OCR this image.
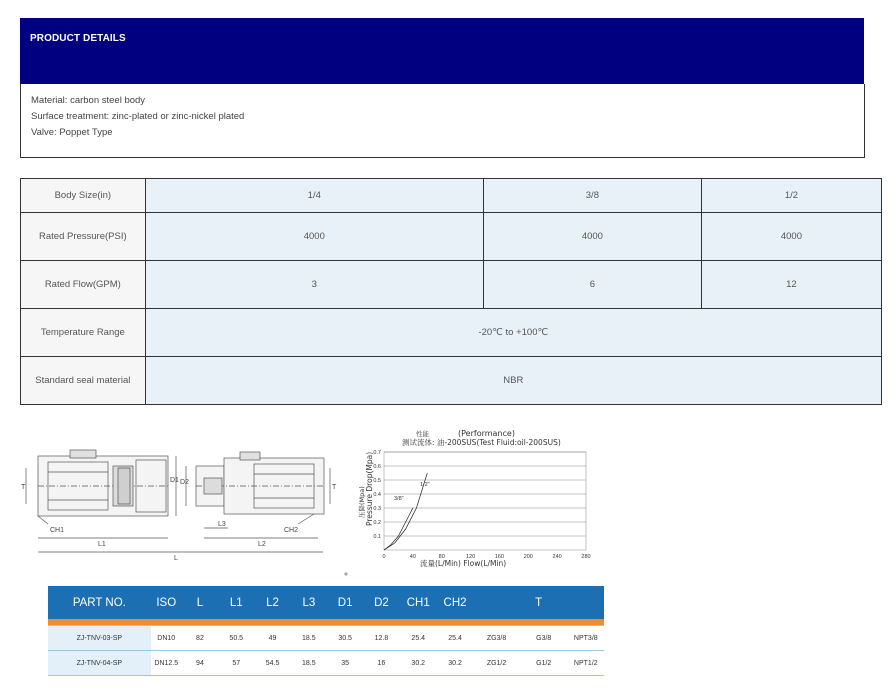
PRODUCT DETAILS
Material: carbon steel body
Surface treatment: zinc-plated or zinc-nickel plated
Valve: Poppet Type
Body Size(in)	1/4	3/8	1/2
Rated Pressure(PSI)	4000	4000	4000
Rated Flow(GPM)	3	6	12
Temperature Range	-20℃ to +100℃		
Standard seal material	NBR		
T	T
D1 D2
CH1	CH2
L1
L3
L2
L
性能	(Performance)
测试流体: 油-200SUS(Test Fluid:oil-200SUS)
压降(Mpa) Pressure Drop(Mpa)
流量(L/Min) Flow(L/Min)
0.1
0.2
0.3
0.4
0.5
0.6
0.7
0	40	80	120	160	200	240	280
3/8"
1/2"
PART NO.	ISO	L	L1	L2	L3	D1	D2	CH1	CH2	T		

ZJ-TNV-03-SP	DN10	82	50.5	49	18.5	30.5	12.8	25.4	25.4	ZG3/8	G3/8	NPT3/8
ZJ-TNV-04-SP	DN12.5	94	57	54.5	18.5	35	16	30.2	30.2	ZG1/2	G1/2	NPT1/2
